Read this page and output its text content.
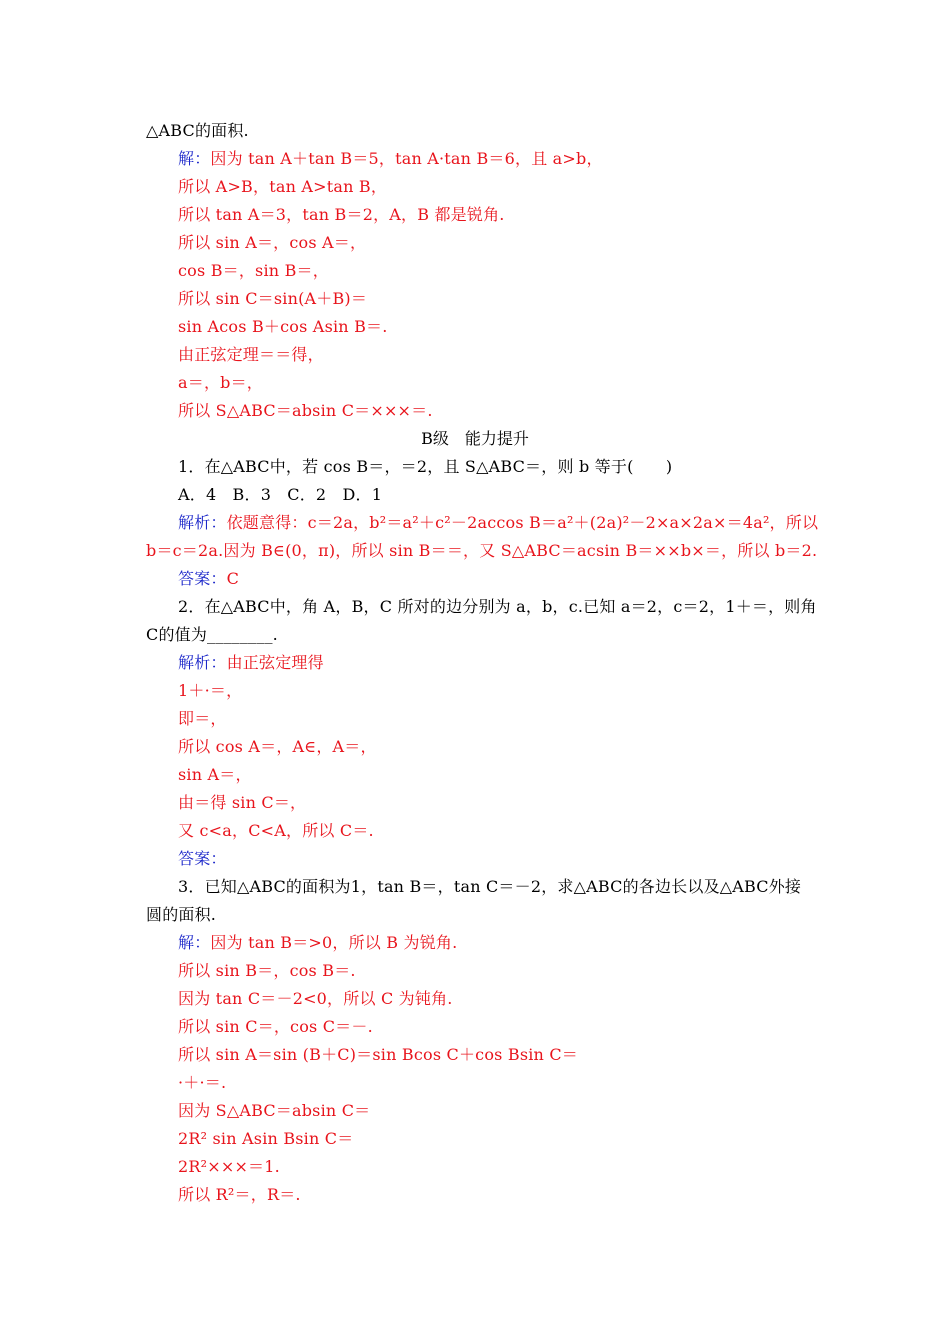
△ABC的面积.
解：因为 tan A＋tan B＝5，tan A·tan B＝6，且 a>b，
所以 A>B，tan A>tan B，
所以 tan A＝3，tan B＝2，A，B 都是锐角.
所以 sin A＝，cos A＝，
cos B＝，sin B＝，
所以 sin C＝sin(A＋B)＝
sin Acos B＋cos Asin B＝.
由正弦定理＝＝得，
a＝，b＝，
所以 S△ABC＝absin C＝×××＝.
B级　能力提升
1．在△ABC中，若 cos B＝，＝2，且 S△ABC＝，则 b 等于(　　)
A．4　B．3　C．2　D．1
解析：依题意得：c＝2a，b²＝a²＋c²－2accos B＝a²＋(2a)²－2×a×2a×＝4a²，所以
b＝c＝2a.因为 B∈(0，π)，所以 sin B＝＝，又 S△ABC＝acsin B＝××b×＝，所以 b＝2.
答案：C
2．在△ABC中，角 A，B，C 所对的边分别为 a，b，c.已知 a＝2，c＝2，1＋＝，则角
C的值为________.
解析：由正弦定理得
1＋·＝，
即＝，
所以 cos A＝，A∈，A＝，
sin A＝，
由＝得 sin C＝，
又 c<a，C<A，所以 C＝.
答案：
3．已知△ABC的面积为1，tan B＝，tan C＝－2，求△ABC的各边长以及△ABC外接
圆的面积.
解：因为 tan B＝>0，所以 B 为锐角.
所以 sin B＝，cos B＝.
因为 tan C＝－2<0，所以 C 为钝角.
所以 sin C＝，cos C＝－.
所以 sin A＝sin (B＋C)＝sin Bcos C＋cos Bsin C＝
·＋·＝.
因为 S△ABC＝absin C＝
2R² sin Asin Bsin C＝
2R²×××＝1.
所以 R²＝，R＝.
